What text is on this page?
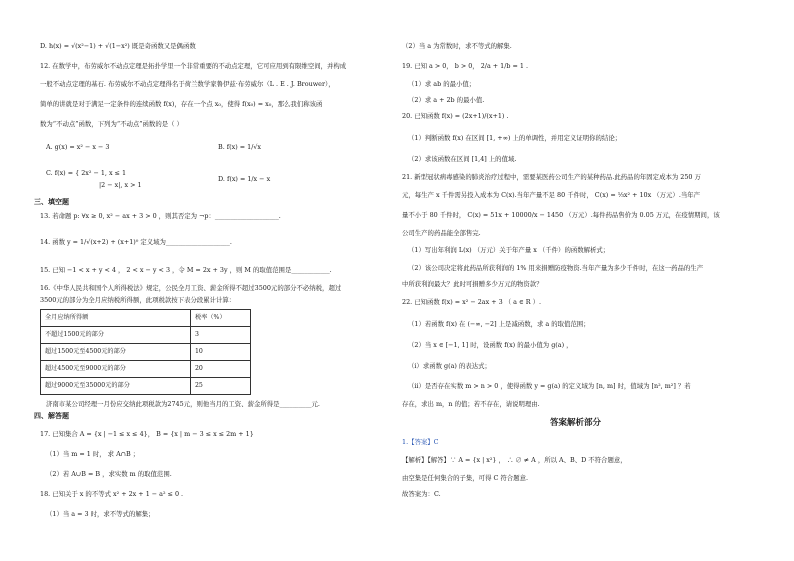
D. h(x) = √(x²−1) + √(1−x²) 既是奇函数又是偶函数
12. 在数学中，布劳威尔不动点定理是拓扑学里一个非常重要的不动点定理，它可应用到有限维空间，并构成
一般不动点定理的基石. 布劳威尔不动点定理得名于荷兰数学家鲁伊兹·布劳威尔（L . E . J. Brouwer），
简单的讲就是对于满足一定条件的连续函数 f(x)，存在一个点 x₀，使得 f(x₀) = x₀，那么我们称该函
数为“不动点”函数，下列为“不动点”函数的是（ ）
A. g(x) = x² − x − 3	B. f(x) = 1/√x
C. f(x) = { 2x² − 1, x ≤ 1
|2 − x|, x > 1
D. f(x) = 1/x − x
三、填空题
13. 若命题 p: ∀x ≥ 0, x² − ax + 3 > 0 ，则其否定为 ¬p：____________________.
14. 函数 y = 1/√(x+2) + (x+1)⁰ 定义域为____________________.
15. 已知 −1 < x + y < 4 ， 2 < x − y < 3 ，令 M = 2x + 3y ，则 M 的取值范围是____________.
16.《中华人民共和国个人所得税法》规定，公民全月工资、薪金所得不超过3500元的部分不必纳税，超过
3500元的部分为全月应纳税所得额，此项税款按下表分段累计计算：
全月应纳所得额	税率（%）
不超过1500元的部分	3
超过1500元至4500元的部分	10
超过4500元至9000元的部分	20
超过9000元至35000元的部分	25
济南市某公司经理一月份应交纳此项税款为2745元，则他当月的工资、薪金所得是__________元.
四、解答题
17. 已知集合 A = {x | −1 ≤ x ≤ 4}， B = {x | m − 3 ≤ x ≤ 2m + 1}
（1）当 m = 1 时， 求 A∩B ；
（2）若 A∪B = B ，求实数 m 的取值范围.
18. 已知关于 x 的不等式 x² + 2x + 1 − a² ≤ 0 .
（1）当 a = 3 时，求不等式的解集；
（2）当 a 为常数时，求不等式的解集.
19. 已知 a > 0， b > 0， 2/a + 1/b = 1 .
（1）求 ab 的最小值；
（2）求 a + 2b 的最小值.
20. 已知函数 f(x) = (2x+1)/(x+1) .
（1）判断函数 f(x) 在区间 [1, +∞) 上的单调性，并用定义证明你的结论；
（2）求该函数在区间 [1,4] 上的值域.
21. 新型冠状病毒感染的肺炎治疗过程中，需要某医药公司生产的某种药品.此药品的年固定成本为 250 万
元，每生产 x 千件需另投入成本为 C(x).当年产量不足 80 千件时， C(x) = ⅓x² + 10x （万元）.当年产
量不小于 80 千件时， C(x) = 51x + 10000/x − 1450 （万元）.每件药品售价为 0.05 万元，在疫情期间，该
公司生产的药品能全部售完.
（1）写出年利润 L(x) （万元）关于年产量 x （千件）的函数解析式；
（2）该公司决定将此药品所获利润的 1% 用来捐赠防疫物资.当年产量为多少千件时，在这一药品的生产
中所获利润最大？此时可捐赠多少万元的物资款？
22. 已知函数 f(x) = x² − 2ax + 3 （ a ∈ R ）.
（1）若函数 f(x) 在 (−∞, −2] 上是减函数，求 a 的取值范围；
（2）当 x ∈ [−1, 1] 时，设函数 f(x) 的最小值为 g(a) ，
（i）求函数 g(a) 的表达式；
（ii）是否存在实数 m > n > 0 ，使得函数 y = g(a) 的定义域为 [n, m] 时，值域为 [n², m²] ？若
存在，求出 m，n 的值；若不存在，请说明理由.
答案解析部分
1.【答案】C
【解析】【解答】∵ A = {x | x²} ， ∴ ∅ ≠ A ，所以 A、B、D 不符合题意，
由空集是任何集合的子集，可得 C 符合题意.
故答案为：C.
